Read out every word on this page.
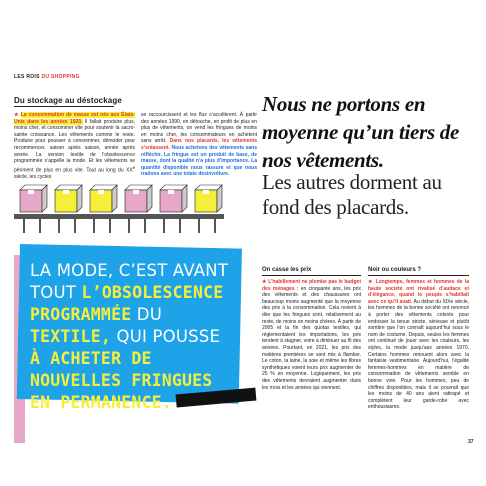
LES ROIS DU SHOPPING
Du stockage au déstockage
★ La consommation de masse est née aux États-Unis dans les années 1920. Il fallait produire plus, moins cher, et consommer vite pour soutenir la sacro-sainte croissance. Les vêtements comme le reste. Produire pour pousser à consommer, démoder pour recommencer, saison après saison, année après année. La version textile de l’obsolescence programmée s’appelle la mode. Et les vêtements se périment de plus en plus vite. Tout au long du XXe siècle, les cycles
se raccourcissent et les flux s’accélèrent. À partir des années 1990, en détouche, en profit de plus en plus de vêtements, on vend les fringues de moins en moins cher, les consommateurs en achètent sans arrêt. Dans nos placards, les vêtements s’entassent. Nous achetons des vêtements sans réfléchir. La fringue est un produit de base, de masse, dont la qualité n’a plus d’importance. La quantité disponible nous rassure et que nous traitons avec une totale désinvolture.
Nous ne portons en moyenne qu’un tiers de nos vêtements.
Les autres dorment au fond des placards.
LA MODE, C’EST AVANT
TOUT L’OBSOLESCENCE
PROGRAMMÉE DU
TEXTILE, QUI POUSSE
À ACHETER DE
NOUVELLES FRINGUES
EN PERMANENCE.
On casse les prix
★ L’habillement ne plombe pas le budget des ménages : en cinquante ans, les prix des vêtements et des chaussures ont beaucoup moins augmenté que la moyenne des prix à la consommation. Cela revient à dire que les fringues sont, relativement au reste, de moins en moins chères. À partir de 2005 et la fin des quotas textiles, qui réglementaient les importations, les prix tendent à stagner, voire à diminuer au fil des années. Pourtant, en 2021, les prix des matières premières se sont mis à flamber. Le coton, la laine, la soie et même les fibres synthétiques voient leurs prix augmenter de 25 % en moyenne. Logiquement, les prix des vêtements devraient augmenter dans les mois et les années qui viennent.
Noir ou couleurs ?
★ Longtemps, femmes et hommes de la haute société ont rivalisé d’audace et d’élégance, quand le peuple s’habillait avec ce qu’il avait. Au début du XIXe siècle, les hommes de la bonne société ont renoncé à porter des vêtements colorés pour endosser la tenue stricte, sérieuse et plutôt sombre que l’on connaît aujourd’hui sous le nom de costume. Depuis, seules les femmes ont continué de jouer avec les couleurs, les styles, la mode jusqu’aux années 1970. Certains hommes renouent alors avec la fantaisie vestimentaire. Aujourd’hui, l’égalité femmes-hommes en matière de consommation de vêtements semble en bonne voie. Pour les hommes, peu de chiffres disponibles, mais il se pourrait que les moins de 40 ans aient rattrapé et complètent leur garde-robe avec enthousiasme.
37
